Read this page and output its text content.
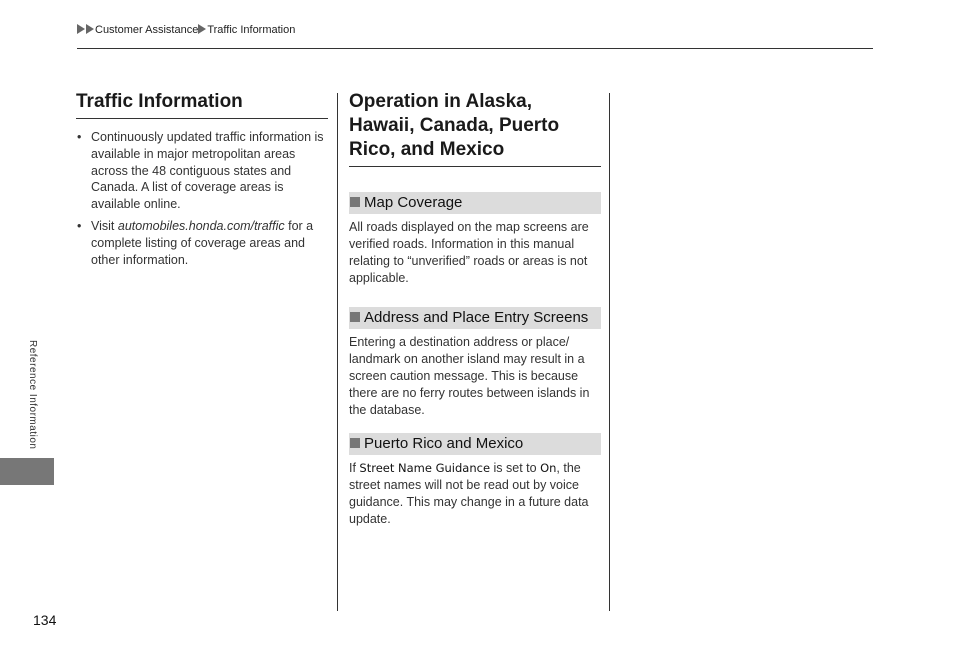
Customer Assistance Traffic Information
Traffic Information
• Continuously updated traffic information is available in major metropolitan areas across the 48 contiguous states and Canada. A list of coverage areas is available online.
• Visit automobiles.honda.com/traffic for a complete listing of coverage areas and other information.
Operation in Alaska, Hawaii, Canada, Puerto Rico, and Mexico
Map Coverage

All roads displayed on the map screens are verified roads. Information in this manual relating to “unverified” roads or areas is not applicable.

Address and Place Entry Screens

Entering a destination address or place/ landmark on another island may result in a screen caution message. This is because there are no ferry routes between islands in the database.

Puerto Rico and Mexico

If Street Name Guidance is set to On, the street names will not be read out by voice guidance. This may change in a future data update.

Reference Information
134
